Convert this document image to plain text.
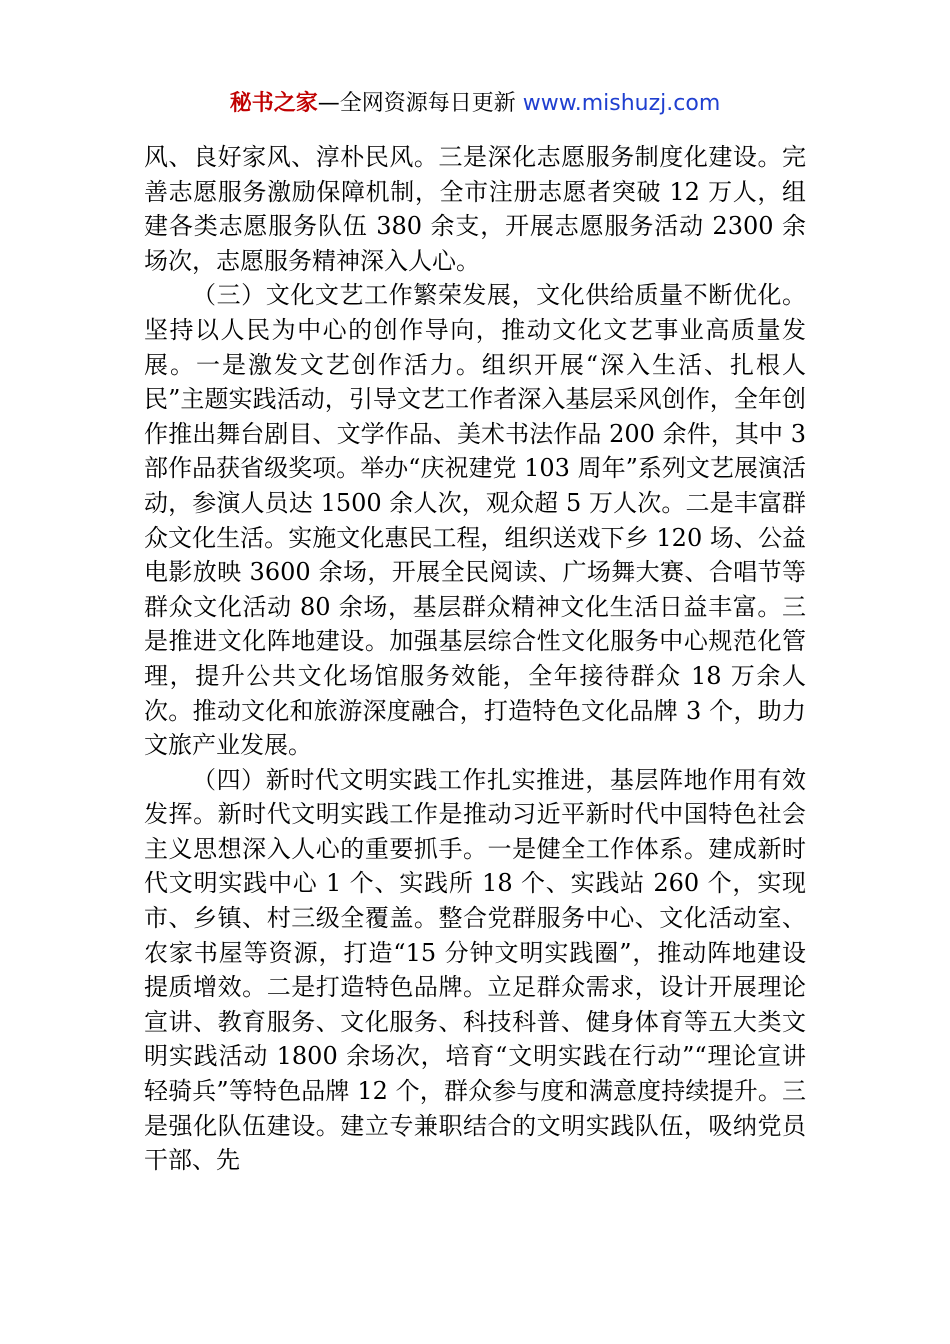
秘书之家—全网资源每日更新 www.mishuzj.com

风、良好家风、淳朴民风。三是深化志愿服务制度化建设。完善志愿服务激励保障机制，全市注册志愿者突破 12 万人，组建各类志愿服务队伍 380 余支，开展志愿服务活动 2300 余场次，志愿服务精神深入人心。

（三）文化文艺工作繁荣发展，文化供给质量不断优化。坚持以人民为中心的创作导向，推动文化文艺事业高质量发展。一是激发文艺创作活力。组织开展“深入生活、扎根人民”主题实践活动，引导文艺工作者深入基层采风创作，全年创作推出舞台剧目、文学作品、美术书法作品 200 余件，其中 3 部作品获省级奖项。举办“庆祝建党 103 周年”系列文艺展演活动，参演人员达 1500 余人次，观众超 5 万人次。二是丰富群众文化生活。实施文化惠民工程，组织送戏下乡 120 场、公益电影放映 3600 余场，开展全民阅读、广场舞大赛、合唱节等群众文化活动 80 余场，基层群众精神文化生活日益丰富。三是推进文化阵地建设。加强基层综合性文化服务中心规范化管理，提升公共文化场馆服务效能，全年接待群众 18 万余人次。推动文化和旅游深度融合，打造特色文化品牌 3 个，助力文旅产业发展。

（四）新时代文明实践工作扎实推进，基层阵地作用有效发挥。新时代文明实践工作是推动习近平新时代中国特色社会主义思想深入人心的重要抓手。一是健全工作体系。建成新时代文明实践中心 1 个、实践所 18 个、实践站 260 个，实现市、乡镇、村三级全覆盖。整合党群服务中心、文化活动室、农家书屋等资源，打造“15 分钟文明实践圈”，推动阵地建设提质增效。二是打造特色品牌。立足群众需求，设计开展理论宣讲、教育服务、文化服务、科技科普、健身体育等五大类文明实践活动 1800 余场次，培育“文明实践在行动”“理论宣讲轻骑兵”等特色品牌 12 个，群众参与度和满意度持续提升。三是强化队伍建设。建立专兼职结合的文明实践队伍，吸纳党员干部、先
